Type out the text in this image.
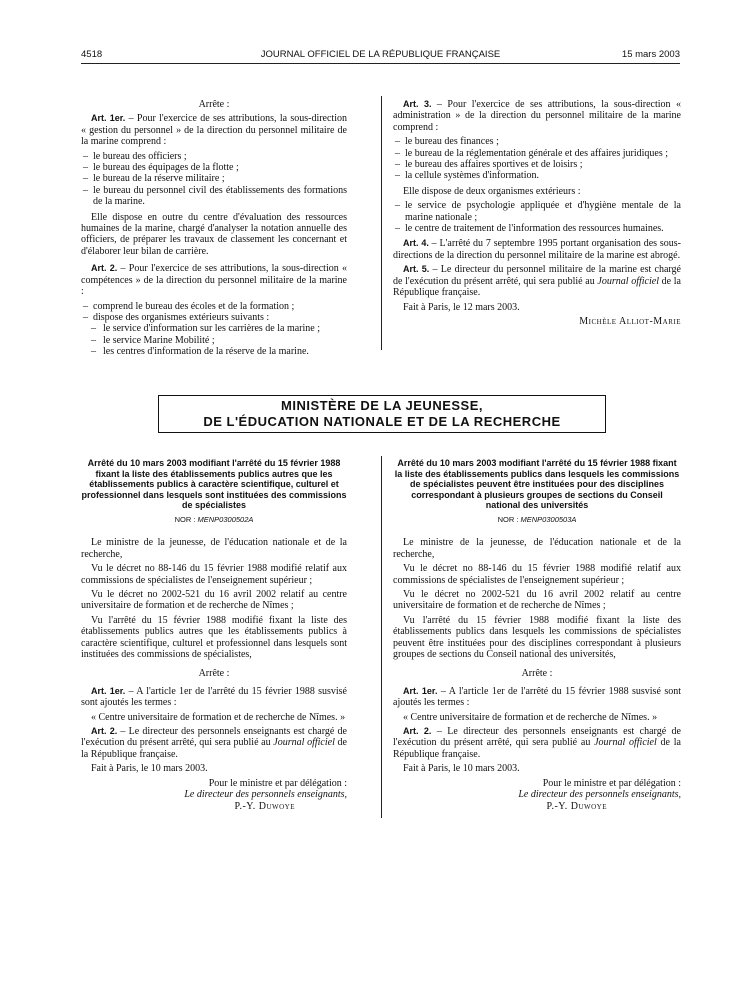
4518	JOURNAL OFFICIEL DE LA RÉPUBLIQUE FRANÇAISE	15 mars 2003

Arrête :

Art. 1er. – Pour l'exercice de ses attributions, la sous-direction « gestion du personnel » de la direction du personnel militaire de la marine comprend :

– le bureau des officiers ;
– le bureau des équipages de la flotte ;
– le bureau de la réserve militaire ;
– le bureau du personnel civil des établissements des formations de la marine.

Elle dispose en outre du centre d'évaluation des ressources humaines de la marine, chargé d'analyser la notation annuelle des officiers, de préparer les travaux de classement les concernant et d'élaborer leur bilan de carrière.

Art. 2. – Pour l'exercice de ses attributions, la sous-direction « compétences » de la direction du personnel militaire de la marine :

– comprend le bureau des écoles et de la formation ;
– dispose des organismes extérieurs suivants :
– le service d'information sur les carrières de la marine ;
– le service Marine Mobilité ;
– les centres d'information de la réserve de la marine.

Art. 3. – Pour l'exercice de ses attributions, la sous-direction « administration » de la direction du personnel militaire de la marine comprend :

– le bureau des finances ;
– le bureau de la réglementation générale et des affaires juridiques ;
– le bureau des affaires sportives et de loisirs ;
– la cellule systèmes d'information.

Elle dispose de deux organismes extérieurs :

– le service de psychologie appliquée et d'hygiène mentale de la marine nationale ;
– le centre de traitement de l'information des ressources humaines.

Art. 4. – L'arrêté du 7 septembre 1995 portant organisation des sous-directions de la direction du personnel militaire de la marine est abrogé.

Art. 5. – Le directeur du personnel militaire de la marine est chargé de l'exécution du présent arrêté, qui sera publié au Journal officiel de la République française.

Fait à Paris, le 12 mars 2003.

Michèle Alliot-Marie

MINISTÈRE DE LA JEUNESSE,
DE L'ÉDUCATION NATIONALE ET DE LA RECHERCHE
Arrêté du 10 mars 2003 modifiant l'arrêté du 15 février 1988 fixant la liste des établissements publics autres que les établissements publics à caractère scientifique, culturel et professionnel dans lesquels sont instituées des commissions de spécialistes
NOR : MENP0300502A

Le ministre de la jeunesse, de l'éducation nationale et de la recherche,

Vu le décret no 88-146 du 15 février 1988 modifié relatif aux commissions de spécialistes de l'enseignement supérieur ;

Vu le décret no 2002-521 du 16 avril 2002 relatif au centre universitaire de formation et de recherche de Nîmes ;

Vu l'arrêté du 15 février 1988 modifié fixant la liste des établissements publics autres que les établissements publics à caractère scientifique, culturel et professionnel dans lesquels sont instituées des commissions de spécialistes,

Arrête :

Art. 1er. – A l'article 1er de l'arrêté du 15 février 1988 susvisé sont ajoutés les termes :

« Centre universitaire de formation et de recherche de Nîmes. »

Art. 2. – Le directeur des personnels enseignants est chargé de l'exécution du présent arrêté, qui sera publié au Journal officiel de la République française.

Fait à Paris, le 10 mars 2003.

Pour le ministre et par délégation :

Le directeur des personnels enseignants,

P.-Y. Duwoye

Arrêté du 10 mars 2003 modifiant l'arrêté du 15 février 1988 fixant la liste des établissements publics dans lesquels les commissions de spécialistes peuvent être instituées pour des disciplines correspondant à plusieurs groupes de sections du Conseil national des universités
NOR : MENP0300503A

Le ministre de la jeunesse, de l'éducation nationale et de la recherche,

Vu le décret no 88-146 du 15 février 1988 modifié relatif aux commissions de spécialistes de l'enseignement supérieur ;

Vu le décret no 2002-521 du 16 avril 2002 relatif au centre universitaire de formation et de recherche de Nîmes ;

Vu l'arrêté du 15 février 1988 modifié fixant la liste des établissements publics dans lesquels les commissions de spécialistes peuvent être instituées pour des disciplines correspondant à plusieurs groupes de sections du Conseil national des universités,

Arrête :

Art. 1er. – A l'article 1er de l'arrêté du 15 février 1988 susvisé sont ajoutés les termes :

« Centre universitaire de formation et de recherche de Nîmes. »

Art. 2. – Le directeur des personnels enseignants est chargé de l'exécution du présent arrêté, qui sera publié au Journal officiel de la République française.

Fait à Paris, le 10 mars 2003.

Pour le ministre et par délégation :

Le directeur des personnels enseignants,

P.-Y. Duwoye
